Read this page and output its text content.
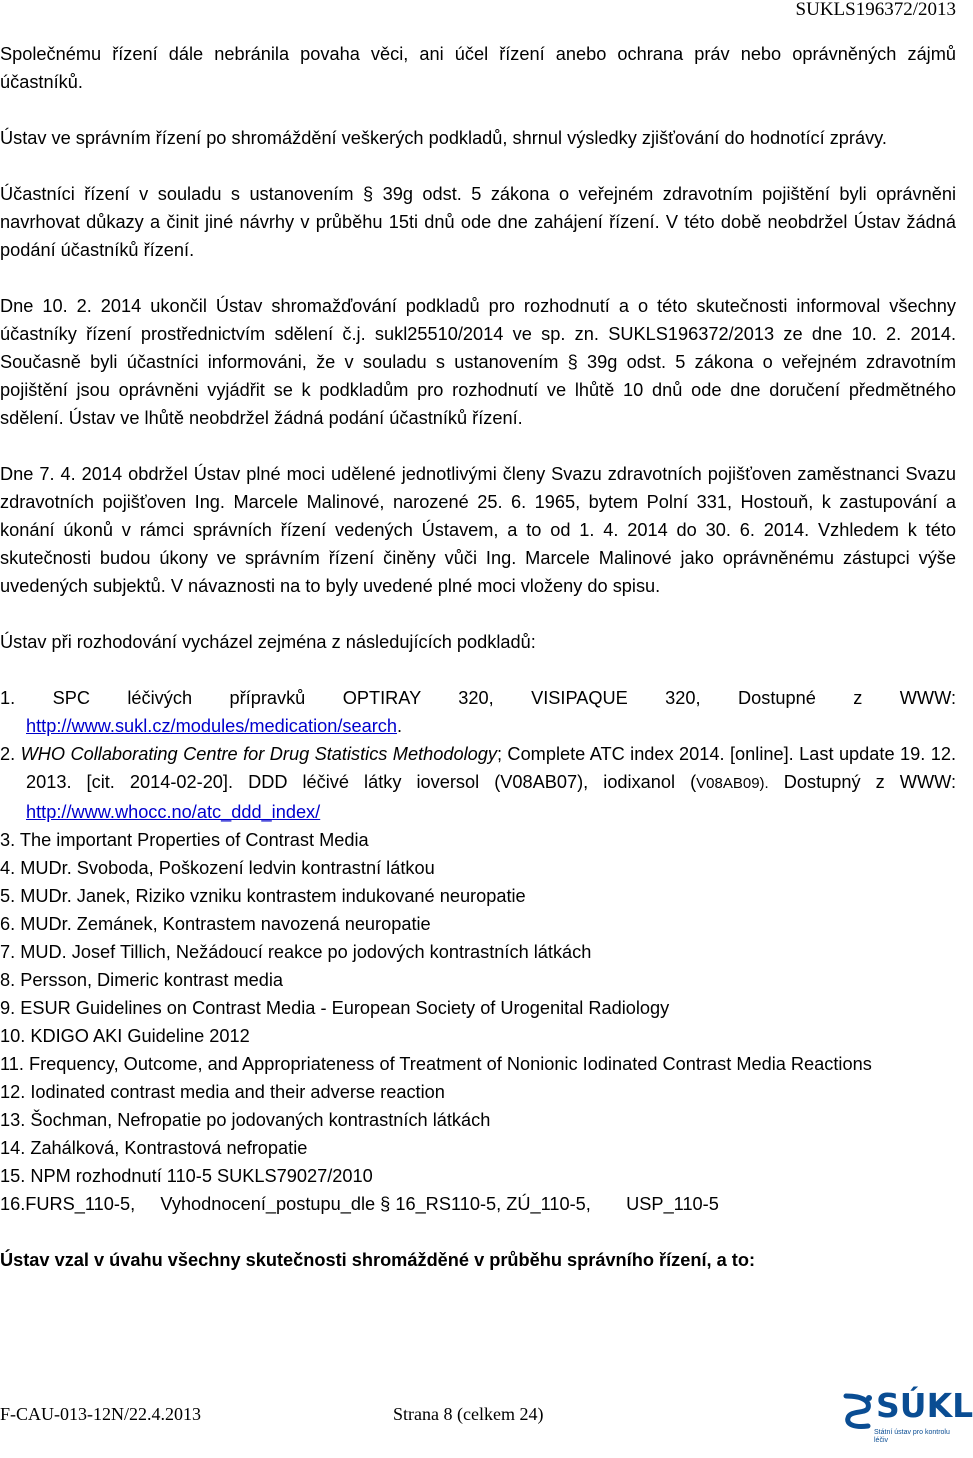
SUKLS196372/2013

Společnému řízení dále nebránila povaha věci, ani účel řízení anebo ochrana práv nebo oprávněných zájmů účastníků.

Ústav ve správním řízení po shromáždění veškerých podkladů, shrnul výsledky zjišťování do hodnotící zprávy.

Účastníci řízení v souladu s ustanovením § 39g odst. 5 zákona o veřejném zdravotním pojištění byli oprávněni navrhovat důkazy a činit jiné návrhy v průběhu 15ti dnů ode dne zahájení řízení. V této době neobdržel Ústav žádná podání účastníků řízení.

Dne 10. 2. 2014 ukončil Ústav shromažďování podkladů pro rozhodnutí a o této skutečnosti informoval všechny účastníky řízení prostřednictvím sdělení č.j. sukl25510/2014 ve sp. zn. SUKLS196372/2013 ze dne 10. 2. 2014. Současně byli účastníci informováni, že v souladu s ustanovením § 39g odst. 5 zákona o veřejném zdravotním pojištění jsou oprávněni vyjádřit se k podkladům pro rozhodnutí ve lhůtě 10 dnů ode dne doručení předmětného sdělení. Ústav ve lhůtě neobdržel žádná podání účastníků řízení.

Dne 7. 4. 2014 obdržel Ústav plné moci udělené jednotlivými členy Svazu zdravotních pojišťoven zaměstnanci Svazu zdravotních pojišťoven Ing. Marcele Malinové, narozené 25. 6. 1965, bytem Polní 331, Hostouň, k zastupování a konání úkonů v rámci správních řízení vedených Ústavem, a to od 1. 4. 2014 do 30. 6. 2014. Vzhledem k této skutečnosti budou úkony ve správním řízení činěny vůči Ing. Marcele Malinové jako oprávněnému zástupci výše uvedených subjektů. V návaznosti na to byly uvedené plné moci vloženy do spisu.

Ústav při rozhodování vycházel zejména z následujících podkladů:

1. SPC léčivých přípravků OPTIRAY 320, VISIPAQUE 320, Dostupné z WWW: http://www.sukl.cz/modules/medication/search.
2. WHO Collaborating Centre for Drug Statistics Methodology; Complete ATC index 2014. [online]. Last update 19. 12. 2013. [cit. 2014-02-20]. DDD léčivé látky ioversol (V08AB07), iodixanol (V08AB09). Dostupný z WWW: http://www.whocc.no/atc_ddd_index/
3. The important Properties of Contrast Media
4. MUDr. Svoboda, Poškození ledvin kontrastní látkou
5. MUDr. Janek, Riziko vzniku kontrastem indukované neuropatie
6. MUDr. Zemánek, Kontrastem navozená neuropatie
7. MUD. Josef Tillich, Nežádoucí reakce po jodových kontrastních látkách
8. Persson, Dimeric kontrast media
9. ESUR Guidelines on Contrast Media - European Society of Urogenital Radiology
10. KDIGO AKI Guideline 2012
11. Frequency, Outcome, and Appropriateness of Treatment of Nonionic Iodinated Contrast Media Reactions
12. Iodinated contrast media and their adverse reaction
13. Šochman, Nefropatie po jodovaných kontrastních látkách
14. Zahálková, Kontrastová nefropatie
15. NPM rozhodnutí 110-5 SUKLS79027/2010
16.FURS_110-5,     Vyhodnocení_postupu_dle § 16_RS110-5, ZÚ_110-5,       USP_110-5

Ústav vzal v úvahu všechny skutečnosti shromážděné v průběhu správního řízení, a to:

F-CAU-013-12N/22.4.2013	Strana 8 (celkem 24)	SÚKL
Státní ústav pro kontrolu léčiv
